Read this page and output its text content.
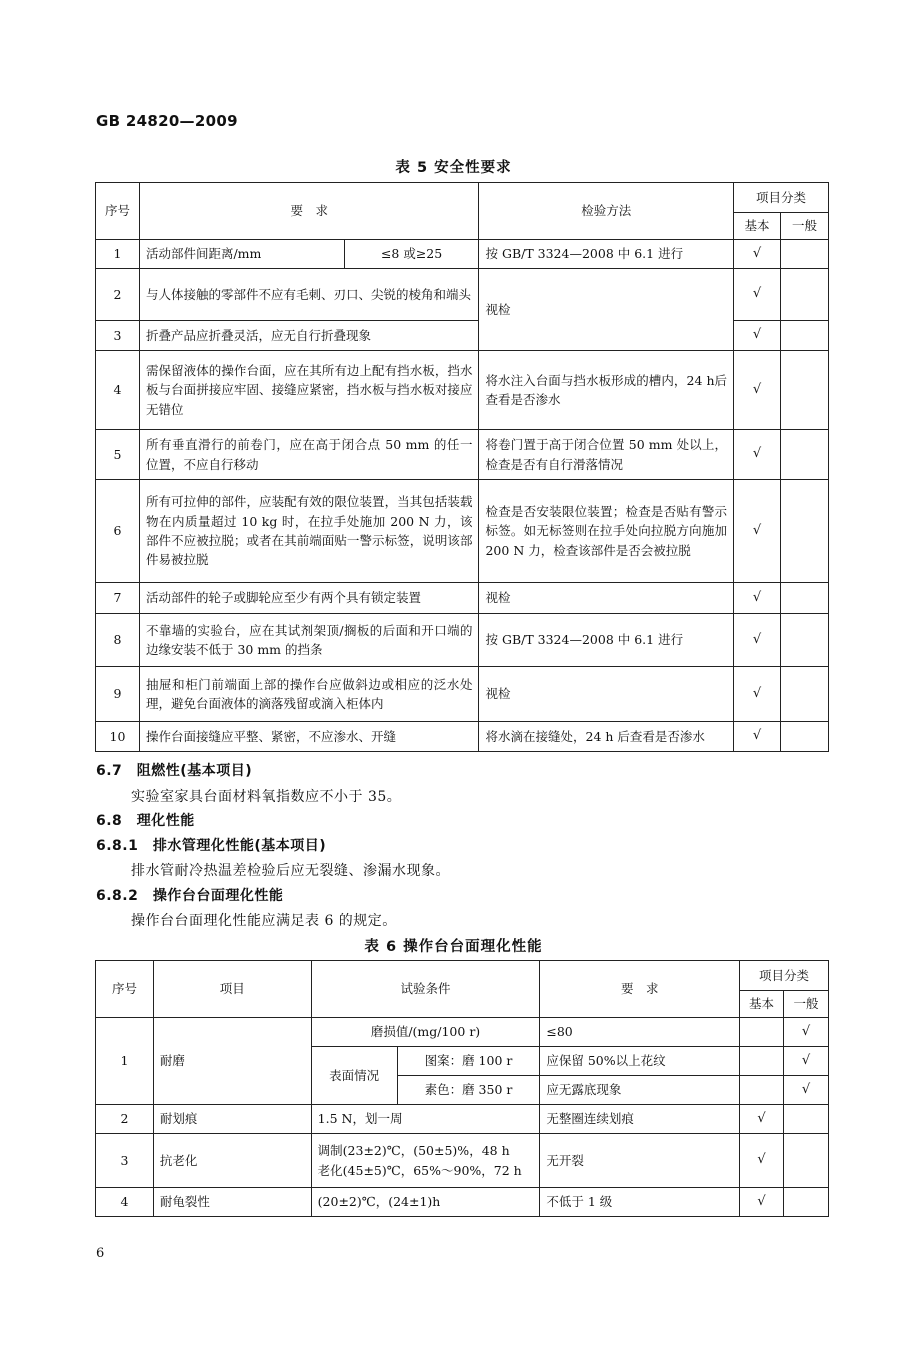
GB 24820—2009
表 5 安全性要求
序号	要　求		检验方法	项目分类	
				基本	一般
1	活动部件间距离/mm	≤8 或≥25	按 GB/T 3324—2008 中 6.1 进行	√	
2	与人体接触的零部件不应有毛刺、刃口、尖锐的棱角和端头		视检	√	
3	折叠产品应折叠灵活，应无自行折叠现象			√	
4	需保留液体的操作台面，应在其所有边上配有挡水板，挡水板与台面拼接应牢固、接缝应紧密，挡水板与挡水板对接应无错位		将水注入台面与挡水板形成的槽内，24 h后查看是否渗水	√	
5	所有垂直滑行的前卷门，应在高于闭合点 50 mm 的任一位置，不应自行移动		将卷门置于高于闭合位置 50 mm 处以上，检查是否有自行滑落情况	√	
6	所有可拉伸的部件，应装配有效的限位装置，当其包括装载物在内质量超过 10 kg 时，在拉手处施加 200 N 力，该部件不应被拉脱；或者在其前端面贴一警示标签，说明该部件易被拉脱		检查是否安装限位装置；检查是否贴有警示标签。如无标签则在拉手处向拉脱方向施加 200 N 力，检查该部件是否会被拉脱	√	
7	活动部件的轮子或脚轮应至少有两个具有锁定装置		视检	√	
8	不靠墙的实验台，应在其试剂架顶/搁板的后面和开口端的边缘安装不低于 30 mm 的挡条		按 GB/T 3324—2008 中 6.1 进行	√	
9	抽屉和柜门前端面上部的操作台应做斜边或相应的泛水处理，避免台面液体的滴落残留或滴入柜体内		视检	√	
10	操作台面接缝应平整、紧密，不应渗水、开缝		将水滴在接缝处，24 h 后查看是否渗水	√	
6.7　阻燃性(基本项目)
实验室家具台面材料氧指数应不小于 35。
6.8　理化性能
6.8.1　排水管理化性能(基本项目)
排水管耐冷热温差检验后应无裂缝、渗漏水现象。
6.8.2　操作台台面理化性能
操作台台面理化性能应满足表 6 的规定。
表 6 操作台台面理化性能
序号	项目	试验条件		要　求	项目分类	
					基本	一般
1	耐磨	磨损值/(mg/100 r)		≤80		√
		表面情况	图案：磨 100 r	应保留 50%以上花纹		√
			素色：磨 350 r	应无露底现象		√
2	耐划痕	1.5 N，划一周		无整圈连续划痕	√	
3	抗老化	调制(23±2)℃，(50±5)%，48 h
老化(45±5)℃，65%～90%，72 h		无开裂	√	
4	耐龟裂性	(20±2)℃，(24±1)h		不低于 1 级	√	
6
